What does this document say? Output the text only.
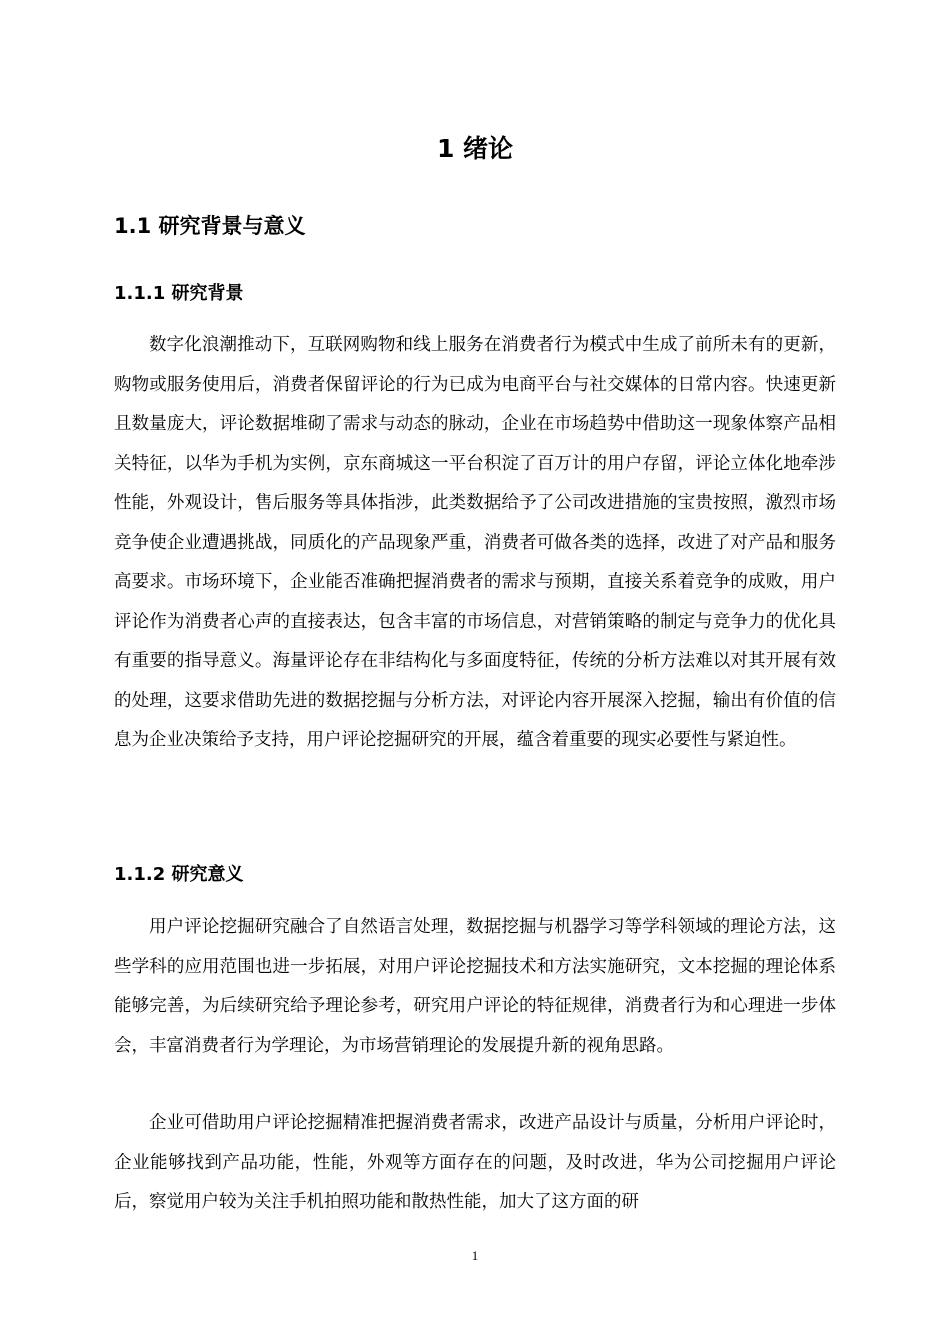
1 绪论
1.1 研究背景与意义
1.1.1 研究背景

数字化浪潮推动下，互联网购物和线上服务在消费者行为模式中生成了前所未有的更新，购物或服务使用后，消费者保留评论的行为已成为电商平台与社交媒体的日常内容。快速更新且数量庞大，评论数据堆砌了需求与动态的脉动，企业在市场趋势中借助这一现象体察产品相关特征，以华为手机为实例，京东商城这一平台积淀了百万计的用户存留，评论立体化地牵涉性能，外观设计，售后服务等具体指涉，此类数据给予了公司改进措施的宝贵按照，激烈市场竞争使企业遭遇挑战，同质化的产品现象严重，消费者可做各类的选择，改进了对产品和服务高要求。市场环境下，企业能否准确把握消费者的需求与预期，直接关系着竞争的成败，用户评论作为消费者心声的直接表达，包含丰富的市场信息，对营销策略的制定与竞争力的优化具有重要的指导意义。海量评论存在非结构化与多面度特征，传统的分析方法难以对其开展有效的处理，这要求借助先进的数据挖掘与分析方法，对评论内容开展深入挖掘，输出有价值的信息为企业决策给予支持，用户评论挖掘研究的开展，蕴含着重要的现实必要性与紧迫性。

1.1.2 研究意义

用户评论挖掘研究融合了自然语言处理，数据挖掘与机器学习等学科领域的理论方法，这些学科的应用范围也进一步拓展，对用户评论挖掘技术和方法实施研究，文本挖掘的理论体系能够完善，为后续研究给予理论参考，研究用户评论的特征规律，消费者行为和心理进一步体会，丰富消费者行为学理论，为市场营销理论的发展提升新的视角思路。

企业可借助用户评论挖掘精准把握消费者需求，改进产品设计与质量，分析用户评论时，企业能够找到产品功能，性能，外观等方面存在的问题，及时改进，华为公司挖掘用户评论后，察觉用户较为关注手机拍照功能和散热性能，加大了这方面的研

1
